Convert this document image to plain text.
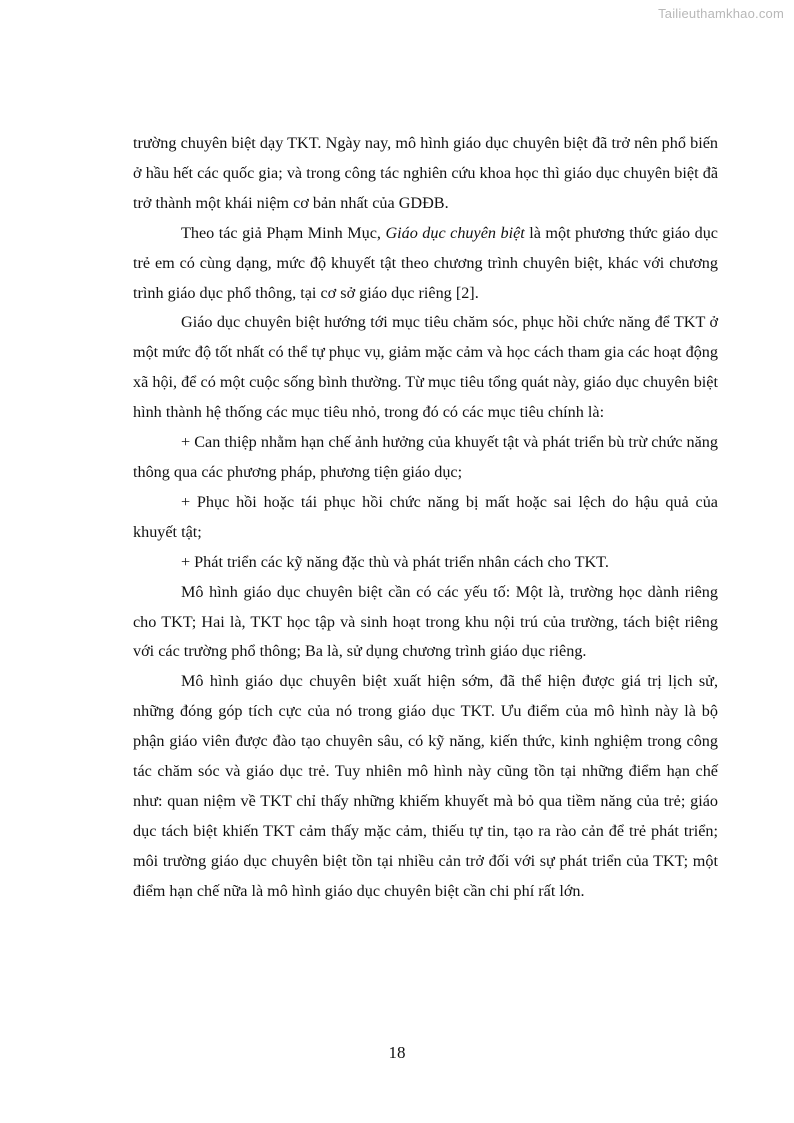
Tailieuthamkhao.com

trường chuyên biệt dạy TKT. Ngày nay, mô hình giáo dục chuyên biệt đã trở nên phổ biến ở hầu hết các quốc gia; và trong công tác nghiên cứu khoa học thì giáo dục chuyên biệt đã trở thành một khái niệm cơ bản nhất của GDĐB.

Theo tác giả Phạm Minh Mục, Giáo dục chuyên biệt là một phương thức giáo dục trẻ em có cùng dạng, mức độ khuyết tật theo chương trình chuyên biệt, khác với chương trình giáo dục phổ thông, tại cơ sở giáo dục riêng [2].

Giáo dục chuyên biệt hướng tới mục tiêu chăm sóc, phục hồi chức năng để TKT ở một mức độ tốt nhất có thể tự phục vụ, giảm mặc cảm và học cách tham gia các hoạt động xã hội, để có một cuộc sống bình thường. Từ mục tiêu tổng quát này, giáo dục chuyên biệt hình thành hệ thống các mục tiêu nhỏ, trong đó có các mục tiêu chính là:

+ Can thiệp nhằm hạn chế ảnh hưởng của khuyết tật và phát triển bù trừ chức năng thông qua các phương pháp, phương tiện giáo dục;

+ Phục hồi hoặc tái phục hồi chức năng bị mất hoặc sai lệch do hậu quả của khuyết tật;

+ Phát triển các kỹ năng đặc thù và phát triển nhân cách cho TKT.

Mô hình giáo dục chuyên biệt cần có các yếu tố: Một là, trường học dành riêng cho TKT; Hai là, TKT học tập và sinh hoạt trong khu nội trú của trường, tách biệt riêng với các trường phổ thông; Ba là, sử dụng chương trình giáo dục riêng.

Mô hình giáo dục chuyên biệt xuất hiện sớm, đã thể hiện được giá trị lịch sử, những đóng góp tích cực của nó trong giáo dục TKT. Ưu điểm của mô hình này là bộ phận giáo viên được đào tạo chuyên sâu, có kỹ năng, kiến thức, kinh nghiệm trong công tác chăm sóc và giáo dục trẻ. Tuy nhiên mô hình này cũng tồn tại những điểm hạn chế như: quan niệm về TKT chỉ thấy những khiếm khuyết mà bỏ qua tiềm năng của trẻ; giáo dục tách biệt khiến TKT cảm thấy mặc cảm, thiếu tự tin, tạo ra rào cản để trẻ phát triển; môi trường giáo dục chuyên biệt tồn tại nhiều cản trở đối với sự phát triển của TKT; một điểm hạn chế nữa là mô hình giáo dục chuyên biệt cần chi phí rất lớn.

18
